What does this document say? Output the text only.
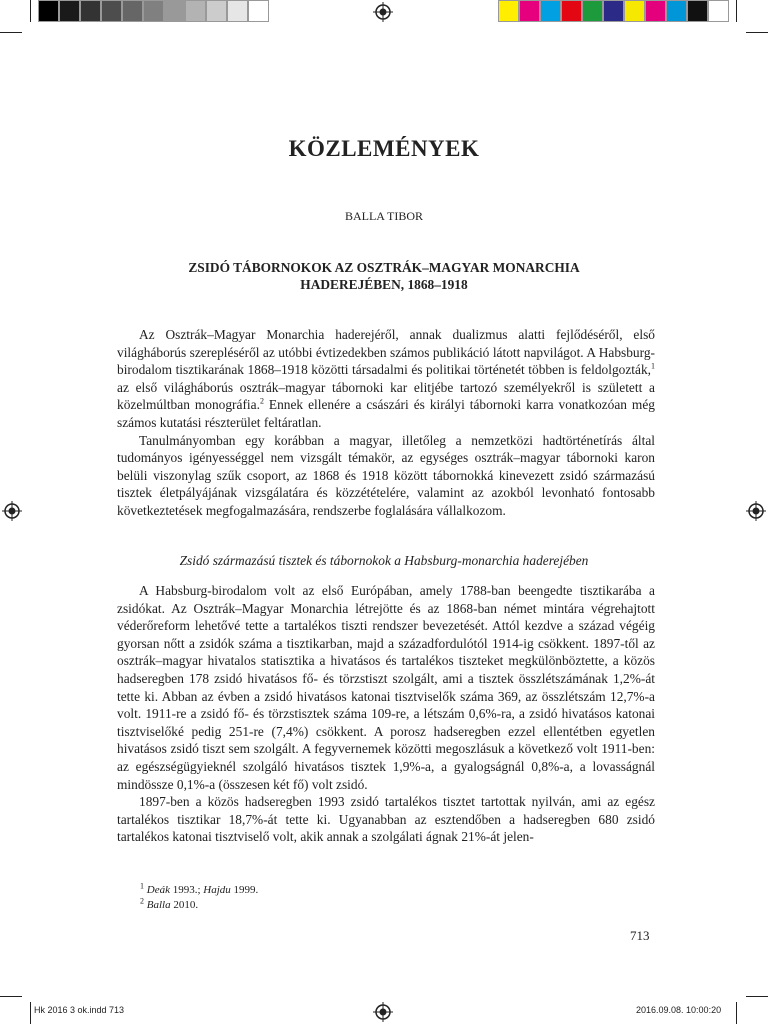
KÖZLEMÉNYEK
BALLA TIBOR
ZSIDÓ TÁBORNOKOK AZ OSZTRÁK–MAGYAR MONARCHIA
HADEREJÉBEN, 1868–1918

Az Osztrák–Magyar Monarchia haderejéről, annak dualizmus alatti fejlődéséről, első világháborús szerepléséről az utóbbi évtizedekben számos publikáció látott napvilágot. A Habsburg-birodalom tisztikarának 1868–1918 közötti társadalmi és politikai történetét többen is feldolgozták,$^1$ az első világháborús osztrák–magyar tábornoki kar elitjébe tartozó személyekről is született a közelmúltban monográfia.$^2$ Ennek ellenére a császári és királyi tábornoki karra vonatkozóan még számos kutatási részterület feltáratlan.

Tanulmányomban egy korábban a magyar, illetőleg a nemzetközi hadtörténetírás által tudományos igényességgel nem vizsgált témakör, az egységes osztrák–magyar tábornoki karon belüli viszonylag szűk csoport, az 1868 és 1918 között tábornokká kinevezett zsidó származású tisztek életpályájának vizsgálatára és közzétételére, valamint az azokból levonható fontosabb következtetések megfogalmazására, rendszerbe foglalására vállalkozom.

Zsidó származású tisztek és tábornokok a Habsburg-monarchia haderejében

A Habsburg-birodalom volt az első Európában, amely 1788-ban beengedte tisztikarába a zsidókat. Az Osztrák–Magyar Monarchia létrejötte és az 1868-ban német mintára végrehajtott véderőreform lehetővé tette a tartalékos tiszti rendszer bevezetését. Attól kezdve a század végéig gyorsan nőtt a zsidók száma a tisztikarban, majd a századfordulótól 1914-ig csökkent. 1897-től az osztrák–magyar hivatalos statisztika a hivatásos és tartalékos tiszteket megkülönböztette, a közös hadseregben 178 zsidó hivatásos fő- és törzstiszt szolgált, ami a tisztek összlétszámának 1,2%-át tette ki. Abban az évben a zsidó hivatásos katonai tisztviselők száma 369, az összlétszám 12,7%-a volt. 1911-re a zsidó fő- és törzstisztek száma 109-re, a létszám 0,6%-ra, a zsidó hivatásos katonai tisztviselőké pedig 251-re (7,4%) csökkent. A porosz hadseregben ezzel ellentétben egyetlen hivatásos zsidó tiszt sem szolgált. A fegyvernemek közötti megoszlásuk a következő volt 1911-ben: az egészségügyieknél szolgáló hivatásos tisztek 1,9%-a, a gyalogságnál 0,8%-a, a lovasságnál mindössze 0,1%-a (összesen két fő) volt zsidó.

1897-ben a közös hadseregben 1993 zsidó tartalékos tisztet tartottak nyilván, ami az egész tartalékos tisztikar 18,7%-át tette ki. Ugyanabban az esztendőben a hadseregben 680 zsidó tartalékos katonai tisztviselő volt, akik annak a szolgálati ágnak 21%-át jelen-

$^1$ Deák 1993.; Hajdu 1999.
$^2$ Balla 2010.
713
Hk 2016 3 ok.indd 713	2016.09.08. 10:00:20
